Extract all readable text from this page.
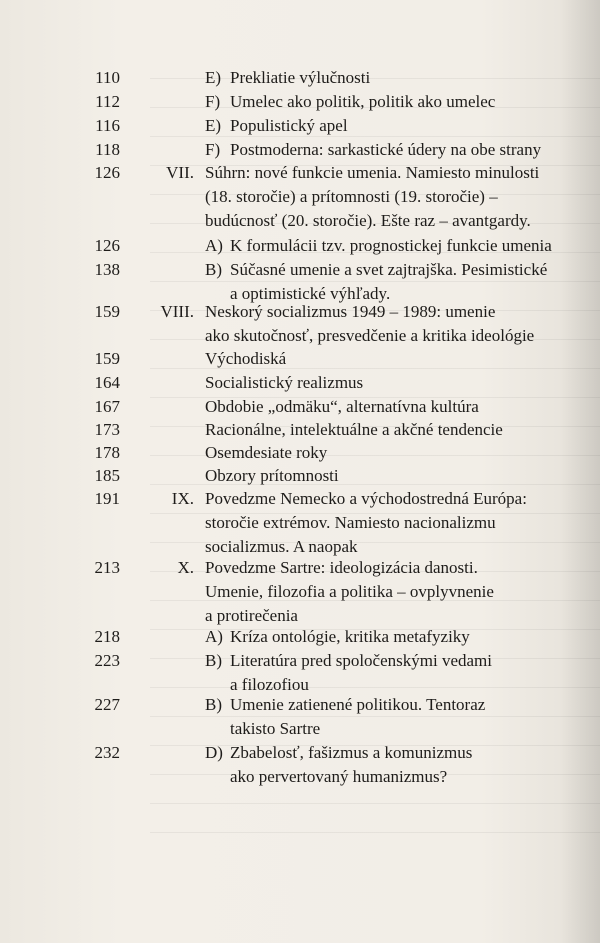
110	E) Prekliatie výlučnosti
112	F) Umelec ako politik, politik ako umelec
116	E) Populistický apel
118	F) Postmoderna: sarkastické údery na obe strany
126	VII. Súhrn: nové funkcie umenia. Namiesto minulosti
(18. storočie) a prítomnosti (19. storočie) –
budúcnosť (20. storočie). Ešte raz – avantgardy.
126	A) K formulácii tzv. prognostickej funkcie umenia
138	B) Súčasné umenie a svet zajtrajška. Pesimistické
a optimistické výhľady.
159	VIII. Neskorý socializmus 1949 – 1989: umenie
ako skutočnosť, presvedčenie a kritika ideológie
159	Východiská
164	Socialistický realizmus
167	Obdobie „odmäku“, alternatívna kultúra
173	Racionálne, intelektuálne a akčné tendencie
178	Osemdesiate roky
185	Obzory prítomnosti
191	IX. Povedzme Nemecko a východostredná Európa:
storočie extrémov. Namiesto nacionalizmu
socializmus. A naopak
213	X. Povedzme Sartre: ideologizácia danosti.
Umenie, filozofia a politika – ovplyvnenie
a protirečenia
218	A) Kríza ontológie, kritika metafyziky
223	B) Literatúra pred spoločenskými vedami
a filozofiou
227	B) Umenie zatienené politikou. Tentoraz
takisto Sartre
232	D) Zbabelosť, fašizmus a komunizmus
ako pervertovaný humanizmus?
